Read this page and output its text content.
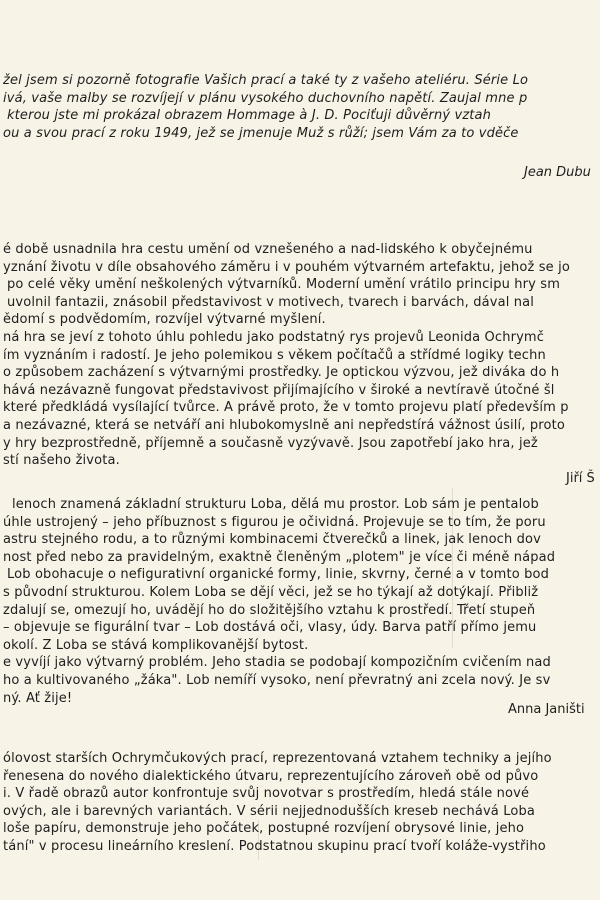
žel jsem si pozorně fotografie Vašich prací a také ty z vašeho ateliéru. Série Lo
ivá, vaše malby se rozvíjejí v plánu vysokého duchovního napětí. Zaujal mne p
kterou jste mi prokázal obrazem Hommage à J. D. Pociťuji důvěrný vztah
ou a svou prací z roku 1949, jež se jmenuje Muž s růží; jsem Vám za to vděče
Jean Dubu
é době usnadnila hra cestu umění od vznešeného a nad-lidského k obyčejnému
yznání životu v díle obsahového záměru i v pouhém výtvarném artefaktu, jehož se jo
po celé věky umění neškolených výtvarníků. Moderní umění vrátilo principu hry sm
uvolnil fantazii, znásobil představivost v motivech, tvarech i barvách, dával nal
ědomí s podvědomím, rozvíjel výtvarné myšlení.
ná hra se jeví z tohoto úhlu pohledu jako podstatný rys projevů Leonida Ochrymč
ím vyznáním i radostí. Je jeho polemikou s věkem počítačů a střídmé logiky techn
o způsobem zacházení s výtvarnými prostředky. Je optickou výzvou, jež diváka do h
hává nezávazně fungovat představivost přijímajícího v široké a nevtíravě útočné šl
které předkládá vysílající tvůrce. A právě proto, že v tomto projevu platí především p
a nezávazné, která se netváří ani hlubokomyslně ani nepředstírá vážnost úsilí, proto
y hry bezprostředně, příjemně a současně vyzývavě. Jsou zapotřebí jako hra, jež
stí našeho života.
Jiří Š
lenoch znamená základní strukturu Loba, dělá mu prostor. Lob sám je pentalob
úhle ustrojený – jeho příbuznost s figurou je očividná. Projevuje se to tím, že poru
astru stejného rodu, a to různými kombinacemi čtverečků a linek, jak lenoch dov
nost před nebo za pravidelným, exaktně členěným „plotem" je více či méně nápad
Lob obohacuje o nefigurativní organické formy, linie, skvrny, černé a v tomto bod
s původní strukturou. Kolem Loba se dějí věci, jež se ho týkají až dotýkají. Přibliž
zdalují se, omezují ho, uvádějí ho do složitějšího vztahu k prostředí. Třetí stupeň
– objevuje se figurální tvar – Lob dostává oči, vlasy, údy. Barva patří přímo jemu
okolí. Z Loba se stává komplikovanější bytost.
e vyvíjí jako výtvarný problém. Jeho stadia se podobají kompozičním cvičením nad
ho a kultivovaného „žáka". Lob nemíří vysoko, není převratný ani zcela nový. Je sv
ný. Ať žije!
Anna Janišti
ólovost starších Ochrymčukových prací, reprezentovaná vztahem techniky a jejího
řenesena do nového dialektického útvaru, reprezentujícího zároveň obě od půvo
i. V řadě obrazů autor konfrontuje svůj novotvar s prostředím, hledá stále nové
ových, ale i barevných variantách. V sérii nejjednodušších kreseb nechává Loba
loše papíru, demonstruje jeho počátek, postupné rozvíjení obrysové linie, jeho
tání" v procesu lineárního kreslení. Podstatnou skupinu prací tvoří koláže-vystřiho
